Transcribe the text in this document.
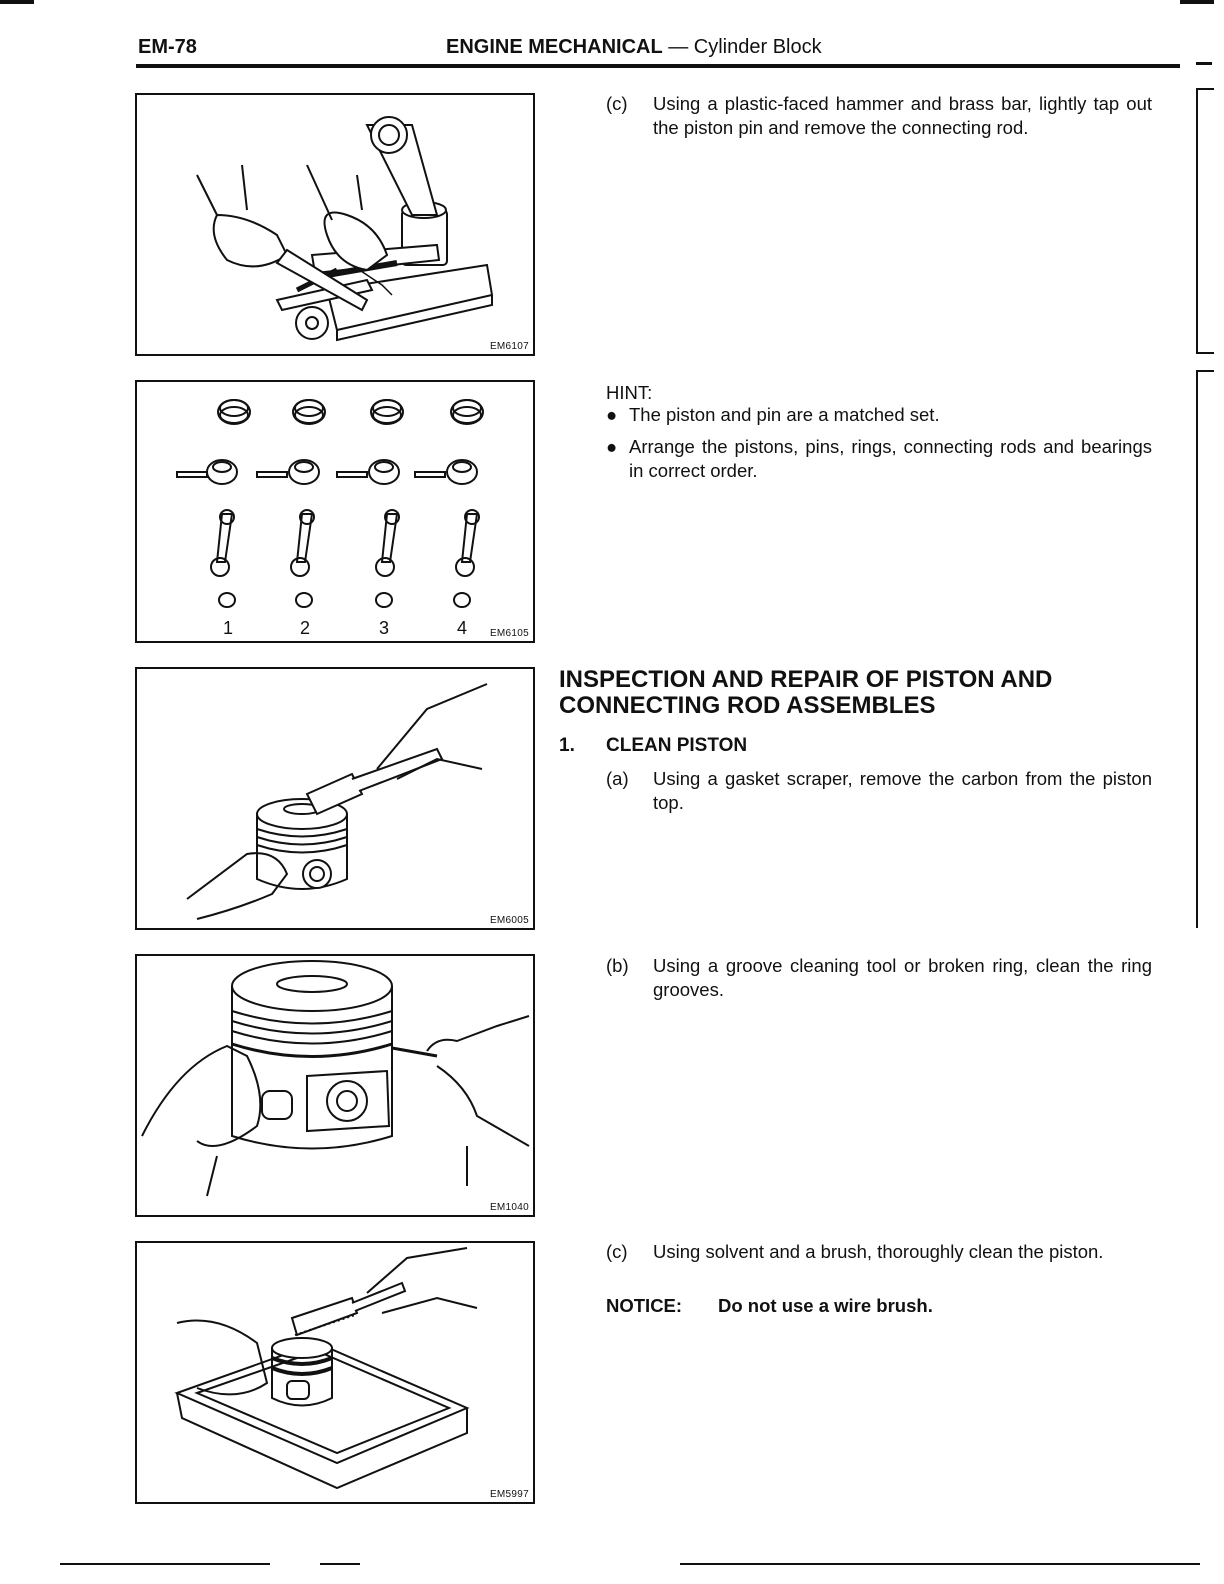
EM-78	ENGINE MECHANICAL — Cylinder Block
EM6107
1	2	3	4 EM6105
EM6005
EM1040
EM5997
(c) Using a plastic-faced hammer and brass bar, lightly tap out the piston pin and remove the connecting rod.
HINT:
● The piston and pin are a matched set.
● Arrange the pistons, pins, rings, connecting rods and bearings in correct order.
INSPECTION AND REPAIR OF PISTON AND CONNECTING ROD ASSEMBLES
1. CLEAN PISTON
(a) Using a gasket scraper, remove the carbon from the piston top.
(b) Using a groove cleaning tool or broken ring, clean the ring grooves.
(c) Using solvent and a brush, thoroughly clean the piston.
NOTICE: Do not use a wire brush.
